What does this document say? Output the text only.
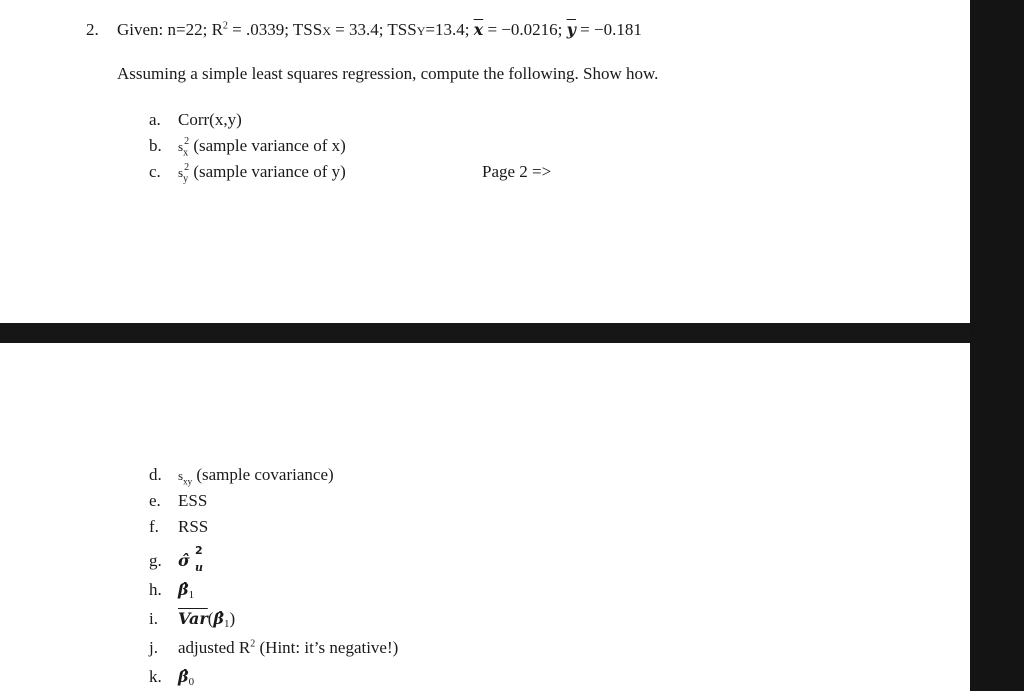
2. Given: n=22; $R^2 = .0339$; TSSX = 33.4; TSSY=13.4; $\overline{x} = -0.0216$; $\overline{y} = -0.181$
Assuming a simple least squares regression, compute the following. Show how.
a. Corr(x,y)
b. $s_x^2$ (sample variance of x)
c. $s_y^2$ (sample variance of y)	Page 2 =>
d. $s_{xy}$ (sample covariance)
e. ESS
f. RSS
g. σ̂
2
u
h. β̂1
i. $\overline{Var}(\betâ1)$
j. adjusted $R^2$ (Hint: it’s negative!)
k. β̂0
